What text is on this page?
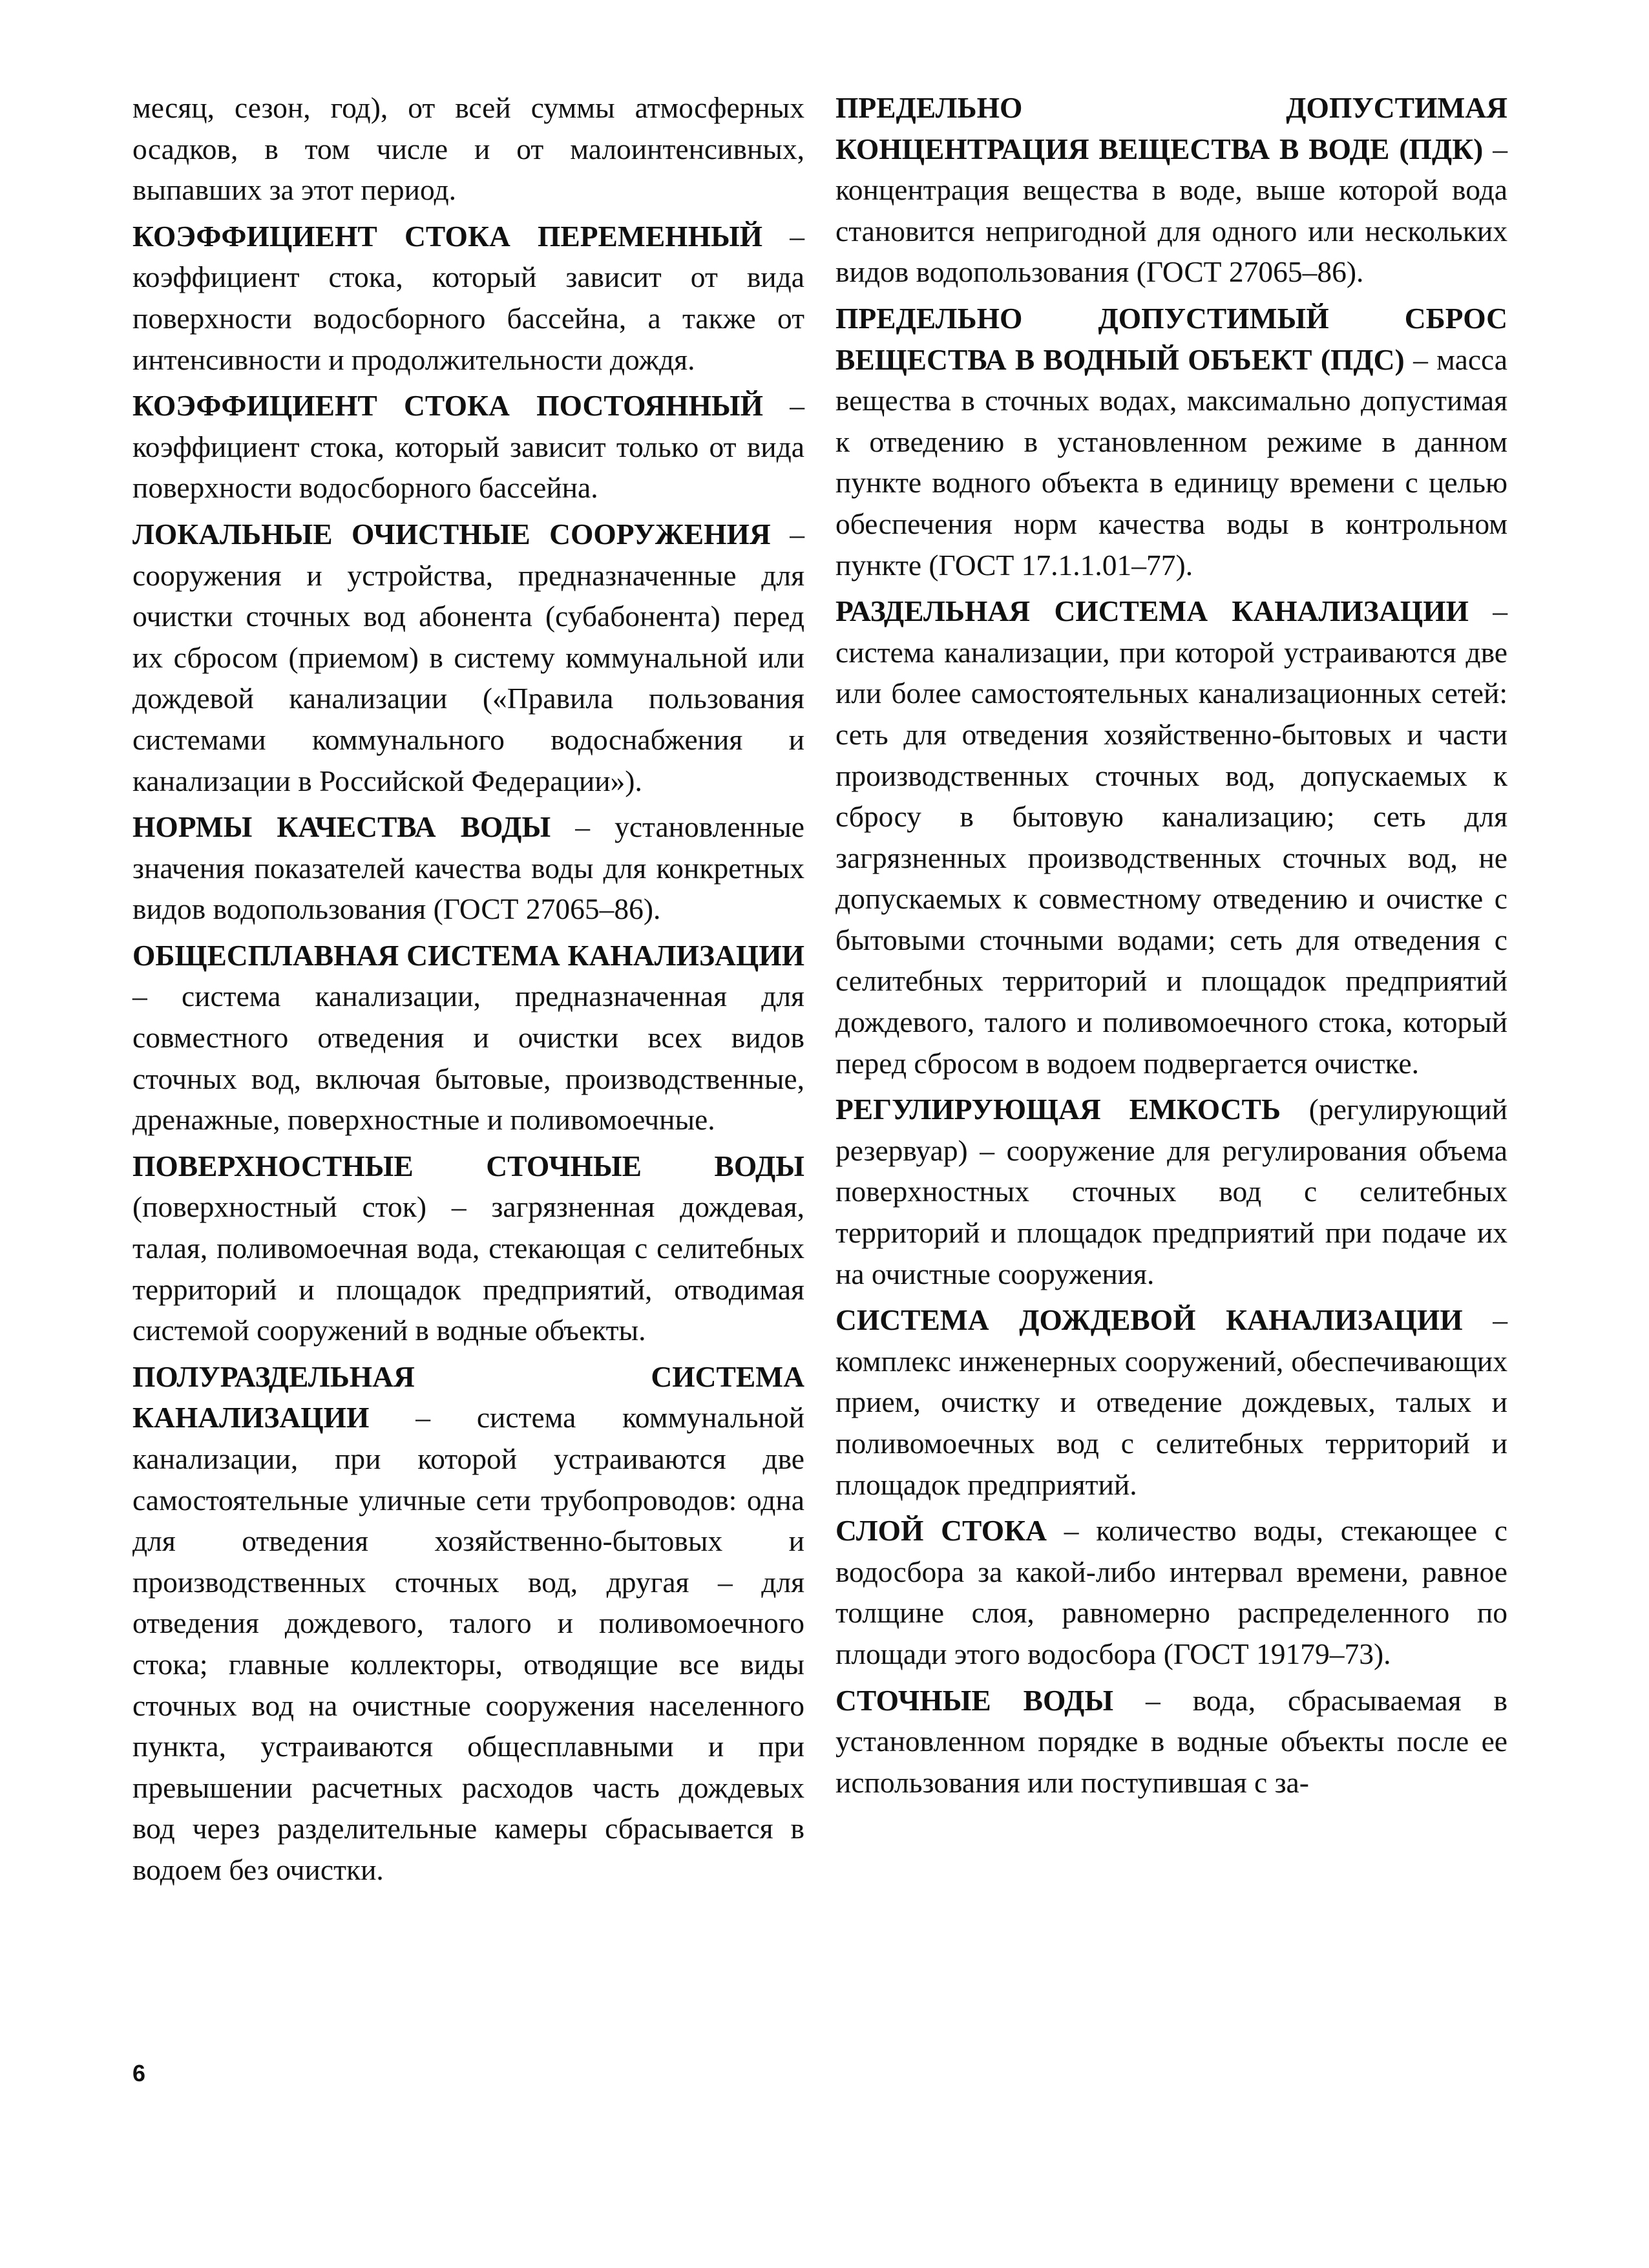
месяц, сезон, год), от всей суммы атмосферных осадков, в том числе и от малоинтенсивных, выпавших за этот период.

КОЭФФИЦИЕНТ СТОКА ПЕРЕМЕННЫЙ – коэффициент стока, который зависит от вида поверхности водосборного бассейна, а также от интенсивности и продолжительности дождя.

КОЭФФИЦИЕНТ СТОКА ПОСТОЯННЫЙ – коэффициент стока, который зависит только от вида поверхности водосборного бассейна.

ЛОКАЛЬНЫЕ ОЧИСТНЫЕ СООРУЖЕНИЯ – сооружения и устройства, предназначенные для очистки сточных вод абонента (субабонента) перед их сбросом (приемом) в систему коммунальной или дождевой канализации («Правила пользования системами коммунального водоснабжения и канализации в Российской Федерации»).

НОРМЫ КАЧЕСТВА ВОДЫ – установленные значения показателей качества воды для конкретных видов водопользования (ГОСТ 27065–86).

ОБЩЕСПЛАВНАЯ СИСТЕМА КАНАЛИЗАЦИИ – система канализации, предназначенная для совместного отведения и очистки всех видов сточных вод, включая бытовые, производственные, дренажные, поверхностные и поливомоечные.

ПОВЕРХНОСТНЫЕ СТОЧНЫЕ ВОДЫ (поверхностный сток) – загрязненная дождевая, талая, поливомоечная вода, стекающая с селитебных территорий и площадок предприятий, отводимая системой сооружений в водные объекты.

ПОЛУРАЗДЕЛЬНАЯ СИСТЕМА КАНАЛИЗАЦИИ – система коммунальной канализации, при которой устраиваются две самостоятельные уличные сети трубопроводов: одна для отведения хозяйственно-бытовых и производственных сточных вод, другая – для отведения дождевого, талого и поливомоечного стока; главные коллекторы, отводящие все виды сточных вод на очистные сооружения населенного пункта, устраиваются общесплавными и при превышении расчетных расходов часть дождевых вод через разделительные камеры сбрасывается в водоем без очистки.

ПРЕДЕЛЬНО ДОПУСТИМАЯ КОНЦЕНТРАЦИЯ ВЕЩЕСТВА В ВОДЕ (ПДК) – концентрация вещества в воде, выше которой вода становится непригодной для одного или нескольких видов водопользования (ГОСТ 27065–86).

ПРЕДЕЛЬНО ДОПУСТИМЫЙ СБРОС ВЕЩЕСТВА В ВОДНЫЙ ОБЪЕКТ (ПДС) – масса вещества в сточных водах, максимально допустимая к отведению в установленном режиме в данном пункте водного объекта в единицу времени с целью обеспечения норм качества воды в контрольном пункте (ГОСТ 17.1.1.01–77).

РАЗДЕЛЬНАЯ СИСТЕМА КАНАЛИЗАЦИИ – система канализации, при которой устраиваются две или более самостоятельных канализационных сетей: сеть для отведения хозяйственно-бытовых и части производственных сточных вод, допускаемых к сбросу в бытовую канализацию; сеть для загрязненных производственных сточных вод, не допускаемых к совместному отведению и очистке с бытовыми сточными водами; сеть для отведения с селитебных территорий и площадок предприятий дождевого, талого и поливомоечного стока, который перед сбросом в водоем подвергается очистке.

РЕГУЛИРУЮЩАЯ ЕМКОСТЬ (регулирующий резервуар) – сооружение для регулирования объема поверхностных сточных вод с селитебных территорий и площадок предприятий при подаче их на очистные сооружения.

СИСТЕМА ДОЖДЕВОЙ КАНАЛИЗАЦИИ – комплекс инженерных сооружений, обеспечивающих прием, очистку и отведение дождевых, талых и поливомоечных вод с селитебных территорий и площадок предприятий.

СЛОЙ СТОКА – количество воды, стекающее с водосбора за какой-либо интервал времени, равное толщине слоя, равномерно распределенного по площади этого водосбора (ГОСТ 19179–73).

СТОЧНЫЕ ВОДЫ – вода, сбрасываемая в установленном порядке в водные объекты после ее использования или поступившая с за-

6
